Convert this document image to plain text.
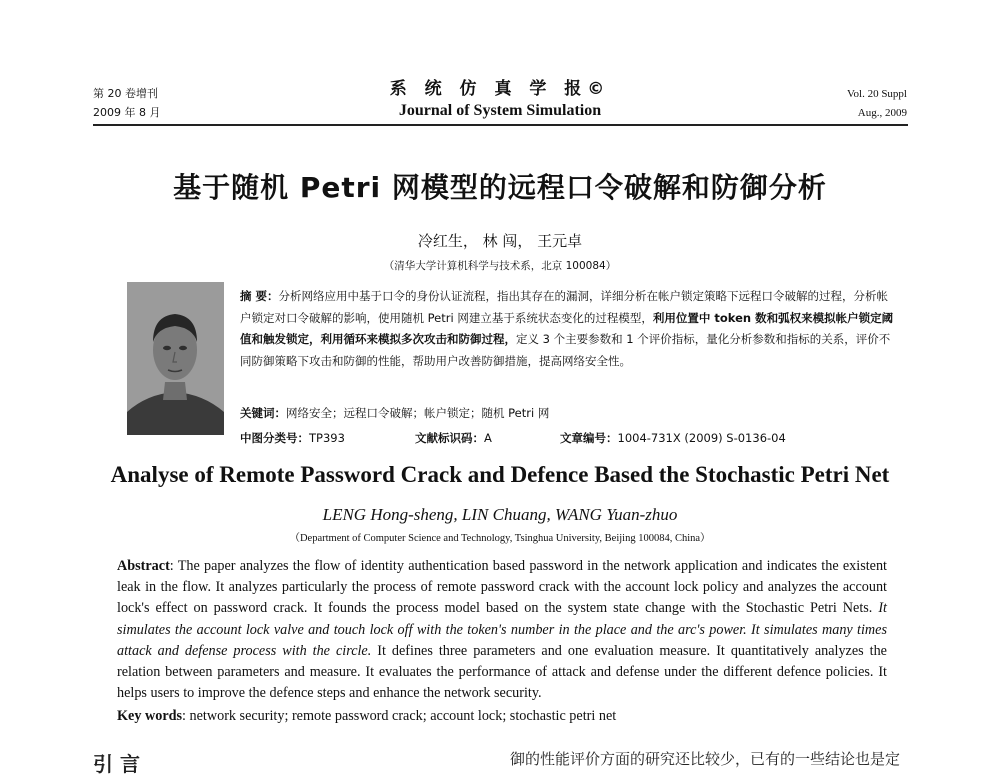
第 20 卷增刊
2009 年 8 月
系 统 仿 真 学 报©
Journal of System Simulation
Vol. 20 Suppl
Aug., 2009
基于随机 Petri 网模型的远程口令破解和防御分析
冷红生， 林 闯， 王元卓
（清华大学计算机科学与技术系，北京 100084）
摘 要：分析网络应用中基于口令的身份认证流程，指出其存在的漏洞，详细分析在帐户锁定策略下远程口令破解的过程，分析帐户锁定对口令破解的影响，使用随机 Petri 网建立基于系统状态变化的过程模型，利用位置中 token 数和弧权来模拟帐户锁定阈值和触发锁定，利用循环来模拟多次攻击和防御过程，定义 3 个主要参数和 1 个评价指标，量化分析参数和指标的关系，评价不同防御策略下攻击和防御的性能，帮助用户改善防御措施，提高网络安全性。
关键词：网络安全；远程口令破解；帐户锁定；随机 Petri 网
中图分类号：TP393	文献标识码：A	文章编号：1004-731X (2009) S-0136-04
Analyse of Remote Password Crack and Defence Based the Stochastic Petri Net
LENG Hong-sheng, LIN Chuang, WANG Yuan-zhuo
（Department of Computer Science and Technology, Tsinghua University, Beijing 100084, China）
Abstract: The paper analyzes the flow of identity authentication based password in the network application and indicates the existent leak in the flow. It analyzes particularly the process of remote password crack with the account lock policy and analyzes the account lock's effect on password crack. It founds the process model based on the system state change with the Stochastic Petri Nets. It simulates the account lock valve and touch lock off with the token's number in the place and the arc's power. It simulates many times attack and defense process with the circle. It defines three parameters and one evaluation measure. It quantitatively analyzes the relation between parameters and measure. It evaluates the performance of attack and defense under the different defence policies. It helps users to improve the defence steps and enhance the network security.
Key words: network security; remote password crack; account lock; stochastic petri net
引 言	御的性能评价方面的研究还比较少，已有的一些结论也是定
